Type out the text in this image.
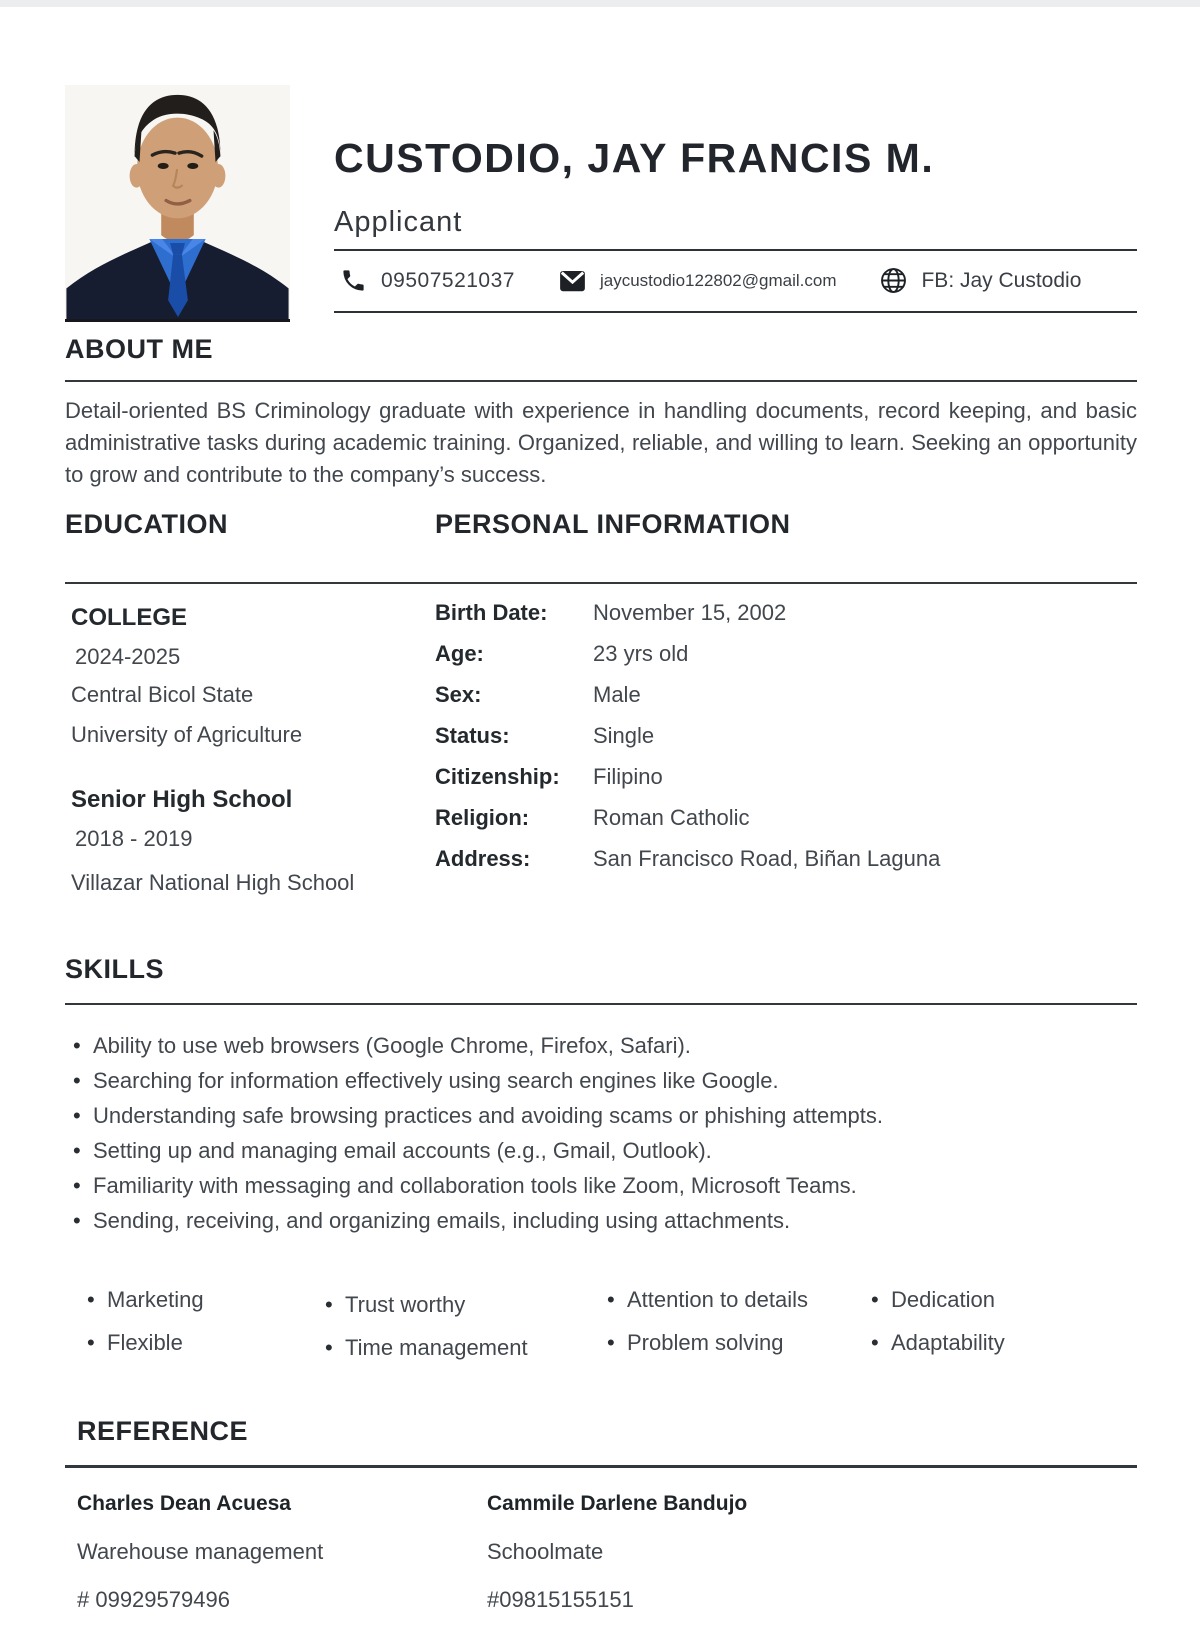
CUSTODIO, JAY FRANCIS M.
Applicant
09507521037	jaycustodio122802@gmail.com	FB: Jay Custodio
ABOUT ME

Detail-oriented BS Criminology graduate with experience in handling documents, record keeping, and basic administrative tasks during academic training. Organized, reliable, and willing to learn. Seeking an opportunity to grow and contribute to the company’s success.

EDUCATION	PERSONAL INFORMATION
COLLEGE
2024-2025
Central Bicol State
University of Agriculture
Senior High School
2018 - 2019
Villazar National High School
Birth Date:	November 15, 2002
Age:	23 yrs old
Sex:	Male
Status:	Single
Citizenship:	Filipino
Religion:	Roman Catholic
Address:	San Francisco Road, Biñan Laguna
SKILLS
• Ability to use web browsers (Google Chrome, Firefox, Safari).
• Searching for information effectively using search engines like Google.
• Understanding safe browsing practices and avoiding scams or phishing attempts.
• Setting up and managing email accounts (e.g., Gmail, Outlook).
• Familiarity with messaging and collaboration tools like Zoom, Microsoft Teams.
• Sending, receiving, and organizing emails, including using attachments.
• Marketing
• Flexible
• Trust worthy
• Time management
• Attention to details
• Problem solving
• Dedication
• Adaptability
REFERENCE
Charles Dean Acuesa
Warehouse management
# 09929579496
Cammile Darlene Bandujo
Schoolmate
#09815155151
